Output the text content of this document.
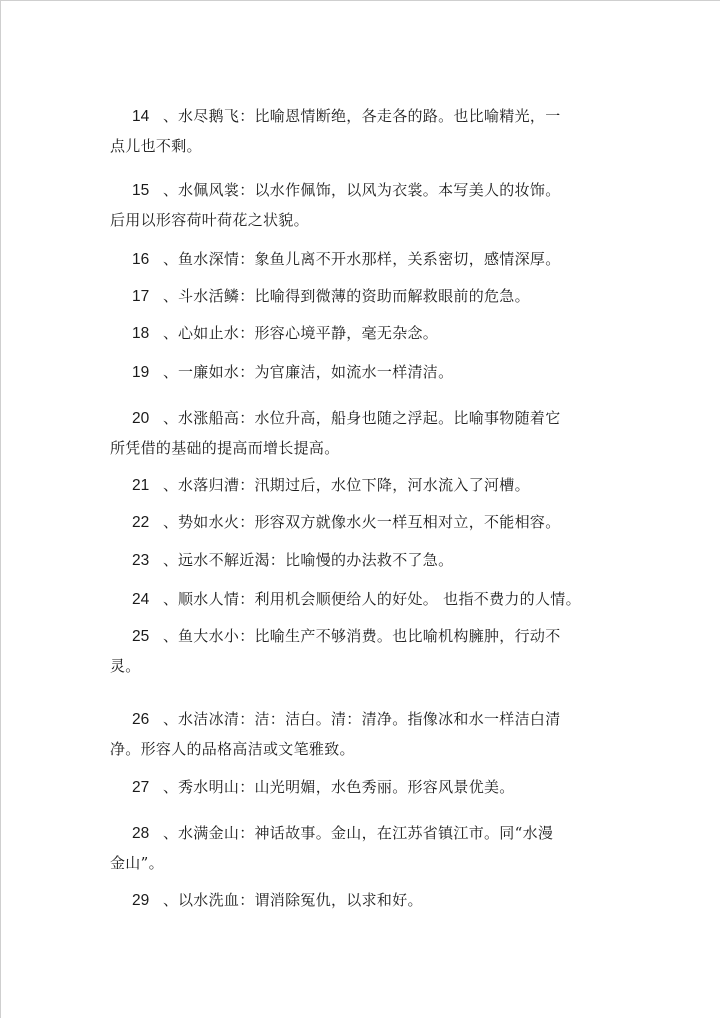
14 、水尽鹅飞：比喻恩情断绝，各走各的路。也比喻精光，一
点儿也不剩。
15 、水佩风裳：以水作佩饰，以风为衣裳。本写美人的妆饰。
后用以形容荷叶荷花之状貌。
16 、鱼水深情：象鱼儿离不开水那样，关系密切，感情深厚。
17 、斗水活鳞：比喻得到微薄的资助而解救眼前的危急。
18 、心如止水：形容心境平静，毫无杂念。
19 、一廉如水：为官廉洁，如流水一样清洁。
20 、水涨船高：水位升高，船身也随之浮起。比喻事物随着它
所凭借的基础的提高而增长提高。
21 、水落归漕：汛期过后，水位下降，河水流入了河槽。
22 、势如水火：形容双方就像水火一样互相对立，不能相容。
23 、远水不解近渴：比喻慢的办法救不了急。
24 、顺水人情：利用机会顺便给人的好处。 也指不费力的人情。
25 、鱼大水小：比喻生产不够消费。也比喻机构臃肿，行动不
灵。
26 、水洁冰清：洁：洁白。清：清净。指像冰和水一样洁白清
净。形容人的品格高洁或文笔雅致。
27 、秀水明山：山光明媚，水色秀丽。形容风景优美。
28 、水满金山：神话故事。金山，在江苏省镇江市。同“水漫
金山”。
29 、以水洗血：谓消除冤仇，以求和好。
